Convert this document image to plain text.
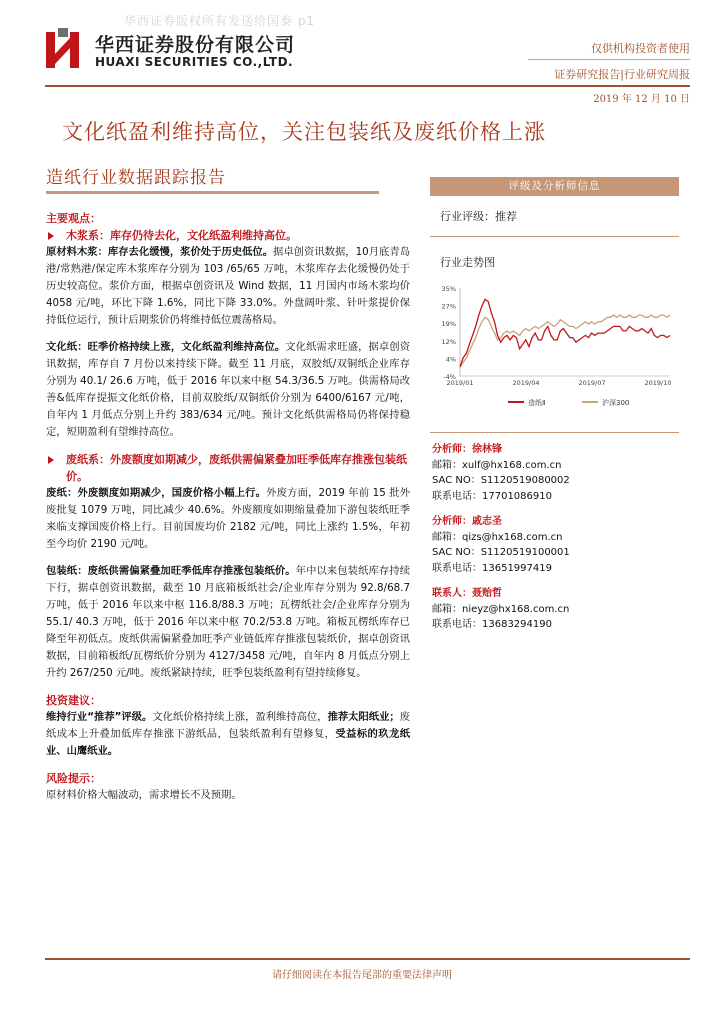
华西证券版权所有发送给国泰 p1
华西证券股份有限公司
HUAXI SECURITIES CO.,LTD.
仅供机构投资者使用
证券研究报告|行业研究周报
2019 年 12 月 10 日
文化纸盈利维持高位，关注包装纸及废纸价格上涨
造纸行业数据跟踪报告
主要观点：
木浆系：库存仍待去化，文化纸盈利维持高位。
原材料木浆：库存去化缓慢，浆价处于历史低位。据卓创资讯数据，10月底青岛港/常熟港/保定库木浆库存分别为 103 /65/65 万吨，木浆库存去化缓慢仍处于历史较高位。浆价方面，根据卓创资讯及 Wind 数据，11 月国内市场木浆均价 4058 元/吨，环比下降 1.6%，同比下降 33.0%。外盘阔叶浆、针叶浆提价保持低位运行，预计后期浆价仍将维持低位震荡格局。
文化纸：旺季价格持续上涨，文化纸盈利维持高位。文化纸需求旺盛，据卓创资讯数据，库存自 7 月份以来持续下降。截至 11 月底，双胶纸/双铜纸企业库存分别为 40.1/ 26.6 万吨，低于 2016 年以来中枢 54.3/36.5 万吨。供需格局改善&低库存提振文化纸价格，目前双胶纸/双铜纸价分别为 6400/6167 元/吨，自年内 1 月低点分别上升约 383/634 元/吨。预计文化纸供需格局仍将保持稳定，短期盈利有望维持高位。
废纸系：外废额度如期减少，废纸供需偏紧叠加旺季低库存推涨包装纸价。
废纸：外废额度如期减少，国废价格小幅上行。外废方面，2019 年前 15 批外废批复 1079 万吨，同比减少 40.6%。外废额度如期缩量叠加下游包装纸旺季来临支撑国废价格上行。目前国废均价 2182 元/吨，同比上涨约 1.5%，年初至今均价 2190 元/吨。
包装纸：废纸供需偏紧叠加旺季低库存推涨包装纸价。年中以来包装纸库存持续下行，据卓创资讯数据，截至 10 月底箱板纸社会/企业库存分别为 92.8/68.7 万吨，低于 2016 年以来中枢 116.8/88.3 万吨；瓦楞纸社会/企业库存分别为 55.1/ 40.3 万吨，低于 2016 年以来中枢 70.2/53.8 万吨。箱板瓦楞纸库存已降至年初低点。废纸供需偏紧叠加旺季产业链低库存推涨包装纸价，据卓创资讯数据，目前箱板纸/瓦楞纸价分别为 4127/3458 元/吨，自年内 8 月低点分别上升约 267/250 元/吨。废纸紧缺持续，旺季包装纸盈利有望持续修复。
投资建议：
维持行业“推荐”评级。文化纸价格持续上涨，盈利维持高位，推荐太阳纸业；废纸成本上升叠加低库存推涨下游纸品，包装纸盈利有望修复，受益标的玖龙纸业、山鹰纸业。
风险提示：
原材料价格大幅波动，需求增长不及预期。
评级及分析师信息
行业评级：推荐
行业走势图
35%
27%
19%
12%
4%
-4%
2019/01	2019/04	2019/07	2019/10
造纸Ⅱ	沪深300
分析师：徐林锋
邮箱：xulf@hx168.com.cn
SAC NO：S1120519080002
联系电话：17701086910
分析师：戚志圣
邮箱：qizs@hx168.com.cn
SAC NO：S1120519100001
联系电话：13651997419
联系人：聂贻哲
邮箱：nieyz@hx168.com.cn
联系电话：13683294190
请仔细阅读在本报告尾部的重要法律声明
